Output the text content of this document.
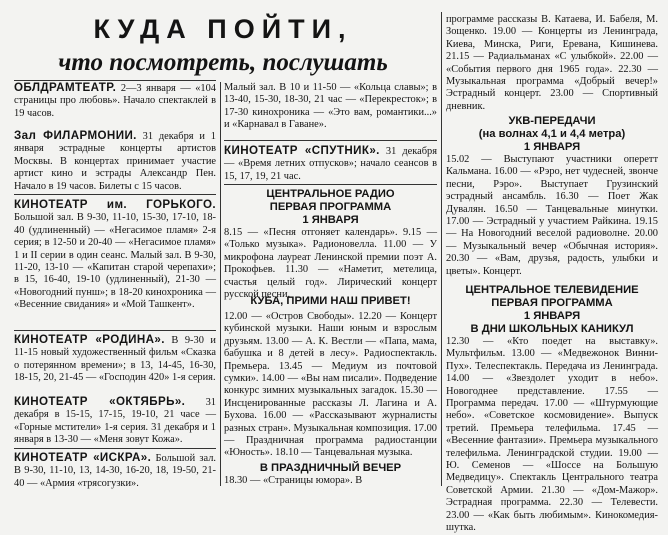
КУДА ПОЙТИ,
что посмотреть, послушать

ОБЛДРАМТЕАТР. 2—3 января — «104 страницы про любовь». Начало спектаклей в 19 часов.

Зал ФИЛАРМОНИИ. 31 декабря и 1 января эстрадные концерты артистов Москвы. В концертах принимает участие артист кино и эстрады Александр Пен. Начало в 19 часов. Билеты с 15 часов.

КИНОТЕАТР им. ГОРЬКОГО. Большой зал. В 9-30, 11-10, 15-30, 17-10, 18-40 (удлиненный) — «Негасимое пламя» 2-я серия; в 12-50 и 20-40 — «Негасимое пламя» 1 и II серии в один сеанс. Малый зал. В 9-30, 11-20, 13-10 — «Капитан старой черепахи»; в 15, 16-40, 19-10 (удлиненный), 21-30 — «Новогодний пунш»; в 18-20 кинохроника — «Весенние свидания» и «Мой Ташкент».

КИНОТЕАТР «РОДИНА». В 9-30 и 11-15 новый художественный фильм «Сказка о потерянном времени»; в 13, 14-45, 16-30, 18-15, 20, 21-45 — «Господин 420» 1-я серия.

КИНОТЕАТР «ОКТЯБРЬ». 31 декабря в 15-15, 17-15, 19-10, 21 часе — «Горные мстители» 1-я серия. 31 декабря и 1 января в 13-30 — «Меня зовут Кожа».

КИНОТЕАТР «ИСКРА». Большой зал. В 9-30, 11-10, 13, 14-30, 16-20, 18, 19-50, 21-40 — «Армия «трясогузки».

Малый зал. В 10 и 11-50 — «Кольца славы»; в 13-40, 15-30, 18-30, 21 час — «Перекресток»; в 17-30 кинохроника — «Это вам, романтики...» и «Карнавал в Гаване».

КИНОТЕАТР «СПУТНИК». 31 декабря — «Время летних отпусков»; начало сеансов в 15, 17, 19, 21 час.

ЦЕНТРАЛЬНОЕ РАДИО

ПЕРВАЯ ПРОГРАММА

1 ЯНВАРЯ

8.15 — «Песня отгоняет календарь». 9.15 — «Только музыка». Радионовелла. 11.00 — У микрофона лауреат Ленинской премии поэт А. Прокофьев. 11.30 — «Наметит, метелица, счастья целый год». Лирический концерт русской песни.

КУБА, ПРИМИ НАШ ПРИВЕТ!

12.00 — «Остров Свободы». 12.20 — Концерт кубинской музыки. Наши юным и взрослым друзьям. 13.00 — А. К. Вестли — «Папа, мама, бабушка и 8 детей в лесу». Радиоспектакль. Премьера. 13.45 — Медиум из почтовой сумки». 14.00 — «Вы нам писали». Подведение конкурс зимних музыкальных загадок. 15.30 — Инсценированные рассказы Л. Лагина и А. Бухова. 16.00 — «Рассказывают журналисты разных стран». Музыкальная композиция. 17.00 — Праздничная программа радиостанции «Юность». 18.10 — Танцевальная музыка.

В ПРАЗДНИЧНЫЙ ВЕЧЕР

18.30 — «Страницы юмора». В

программе рассказы В. Катаева, И. Бабеля, М. Зощенко. 19.00 — Концерты из Ленинграда, Киева, Минска, Риги, Еревана, Кишинева. 21.15 — Радиальманах «С улыбкой». 22.00 — «События первого дня 1965 года». 22.30 — Музыкальная программа «Добрый вечер!» Эстрадный концерт. 23.00 — Спортивный дневник.

УКВ-ПЕРЕДАЧИ

(на волнах 4,1 и 4,4 метра)

1 ЯНВАРЯ

15.02 — Выступают участники оперетт Кальмана. 16.00 — «Рэро, нет чудесней, звонче песни, Рэро». Выступает Грузинский эстрадный ансамбль. 16.30 — Поет Жак Дувалян. 16.50 — Танцевальные минутки. 17.00 — Эстрадный у участием Райкина. 19.15 — На Новогодний веселой радиоволне. 20.00 — Музыкальный вечер «Обычная история». 20.30 — «Вам, друзья, радость, улыбки и цветы». Концерт.

ЦЕНТРАЛЬНОЕ ТЕЛЕВИДЕНИЕ

ПЕРВАЯ ПРОГРАММА

1 ЯНВАРЯ

В ДНИ ШКОЛЬНЫХ КАНИКУЛ

12.30 — «Кто поедет на выставку». Мультфильм. 13.00 — «Медвежонок Винни-Пух». Телеспектакль. Передача из Ленинграда. 14.00 — «Звездолет уходит в небо». Новогоднее представление. 17.55 — Программа передач. 17.00 — «Штурмующие небо». «Советское космовидение». Выпуск третий. Премьера телефильма. 17.45 — «Весенние фантазии». Премьера музыкального телефильма. Ленинградской студии. 19.00 — Ю. Семенов — «Шоссе на Большую Медведицу». Спектакль Центрального театра Советской Армии. 21.30 — «Дом-Мажор». Эстрадная программа. 22.30 — Телевести. 23.00 — «Как быть любимым». Кинокомедия-шутка.
